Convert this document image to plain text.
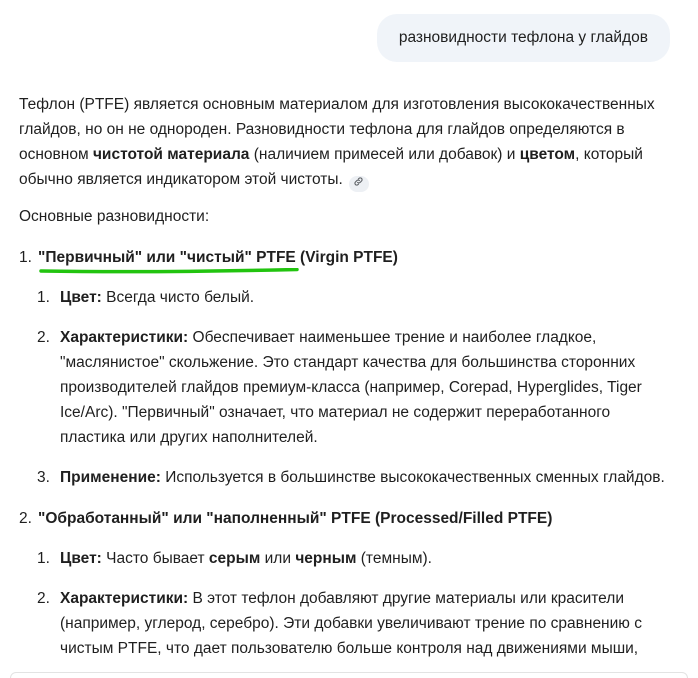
разновидности тефлона у глайдов

Тефлон (PTFE) является основным материалом для изготовления высококачественных глайдов, но он не однороден. Разновидности тефлона для глайдов определяются в основном чистотой материала (наличием примесей или добавок) и цветом, который обычно является индикатором этой чистоты.

Основные разновидности:

1. "Первичный" или "чистый" PTFE (Virgin PTFE)
1. Цвет: Всегда чисто белый.
2. Характеристики: Обеспечивает наименьшее трение и наиболее гладкое, "маслянистое" скольжение. Это стандарт качества для большинства сторонних производителей глайдов премиум-класса (например, Corepad, Hyperglides, Tiger Ice/Arc). "Первичный" означает, что материал не содержит переработанного пластика или других наполнителей.
3. Применение: Используется в большинстве высококачественных сменных глайдов.
2. "Обработанный" или "наполненный" PTFE (Processed/Filled PTFE)
1. Цвет: Часто бывает серым или черным (темным).
2. Характеристики: В этот тефлон добавляют другие материалы или красители (например, углерод, серебро). Эти добавки увеличивают трение по сравнению с чистым PTFE, что дает пользователю больше контроля над движениями мыши,
